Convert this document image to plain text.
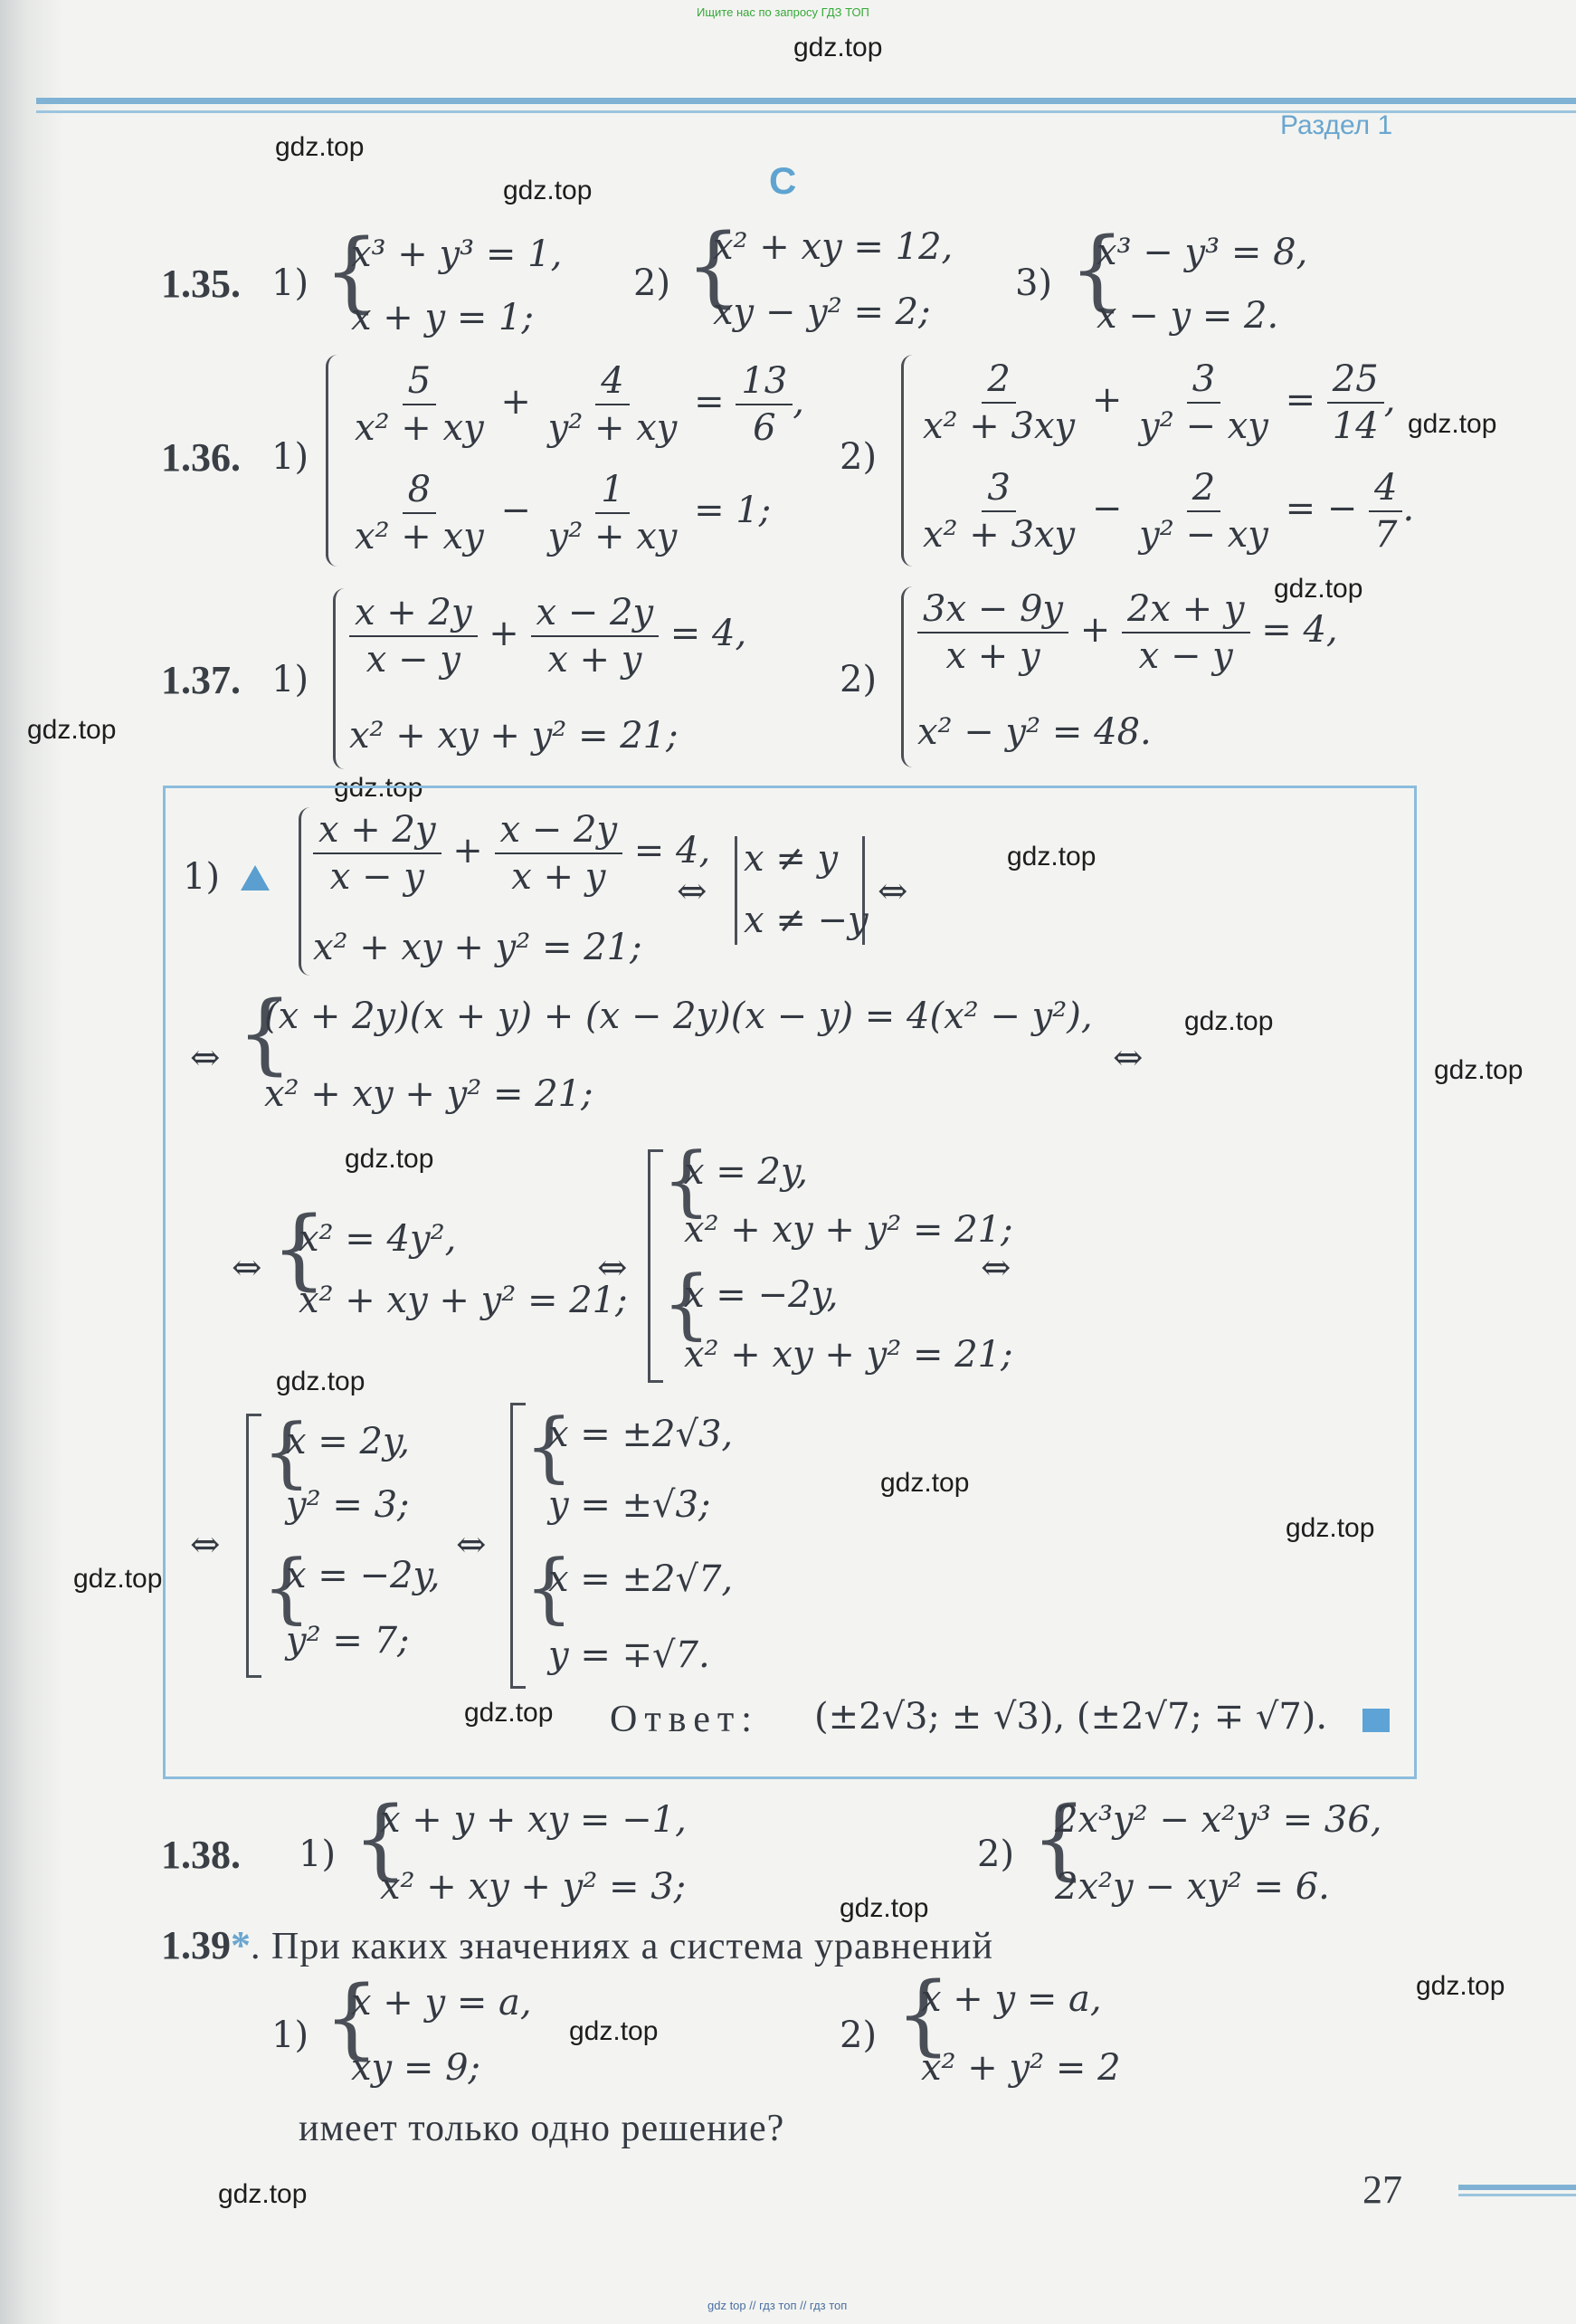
Ищите нас по запросу ГДЗ ТОП
Раздел 1
C
gdz.top
gdz.top
gdz.top
gdz.top
gdz.top
gdz.top
gdz.top
gdz.top
gdz.top
gdz.top
gdz.top
gdz.top
gdz.top
gdz.top
gdz.top
gdz.top
gdz.top
gdz.top
gdz.top
gdz.top
1.35. 1) {
x³ + y³ = 1,
x + y = 1;
2) {
x² + xy = 12,
xy − y² = 2;
3) {
x³ − y³ = 8,
x − y = 2.
1.36. 1)
$\frac{5}{\text{x² + xy}} + \frac{4}{\text{y² + xy}} = \frac{13}{6}$ ,
$\frac{8}{\text{x² + xy}} - \frac{1}{\text{y² + xy}} = 1$;
2)
$\frac{2}{\text{x² + 3xy}} + \frac{3}{\text{y² − xy}} = \frac{25}{14}$ ,
$\frac{3}{\text{x² + 3xy}} - \frac{2}{\text{y² − xy}}$ = − $\frac{4}{7}$ .
1.37. $1) \frac{x + 2y}{x - y} + \frac{x - 2y}{x + y} = 4$,
x² + xy + y² = 21;
2)
$\frac{3x - 9y}{x + y} + \frac{2x + y}{x - y} = 4$,
x² − y² = 48.
1)	$\frac{x + 2y}{x - y} + \frac{x - 2y}{x + y} = 4$,
x² + xy + y² = 21;
⇔
x ≠ y
x ≠ −y
⇔
⇔ {
(x + 2y)(x + y) + (x − 2y)(x − y) = 4(x² − y²),
x² + xy + y² = 21;
⇔
⇔ {
x² = 4y²,
x² + xy + y² = 21;
⇔
{
x = 2y,
x² + xy + y² = 21;
{
x = −2y,
x² + xy + y² = 21;
⇔
⇔
{
x = 2y,
y² = 3;
{
x = −2y,
y² = 7;
⇔
{
x = ±2√3,
y = ±√3;
{
x = ±2√7,
y = ∓√7.
Ответ: (±2√3; ± √3), (±2√7; ∓ √7).
1.38. 1) {
x + y + xy = −1,
x² + xy + y² = 3;
2) {
2x³y² − x²y³ = 36,
2x²y − xy² = 6.
1.39*. При каких значениях a система уравнений
1) {
x + y = a,
xy = 9;
2) {
x + y = a,
x² + y² = 2
имеет только одно решение?
27
gdz top // гдз топ // гдз топ
